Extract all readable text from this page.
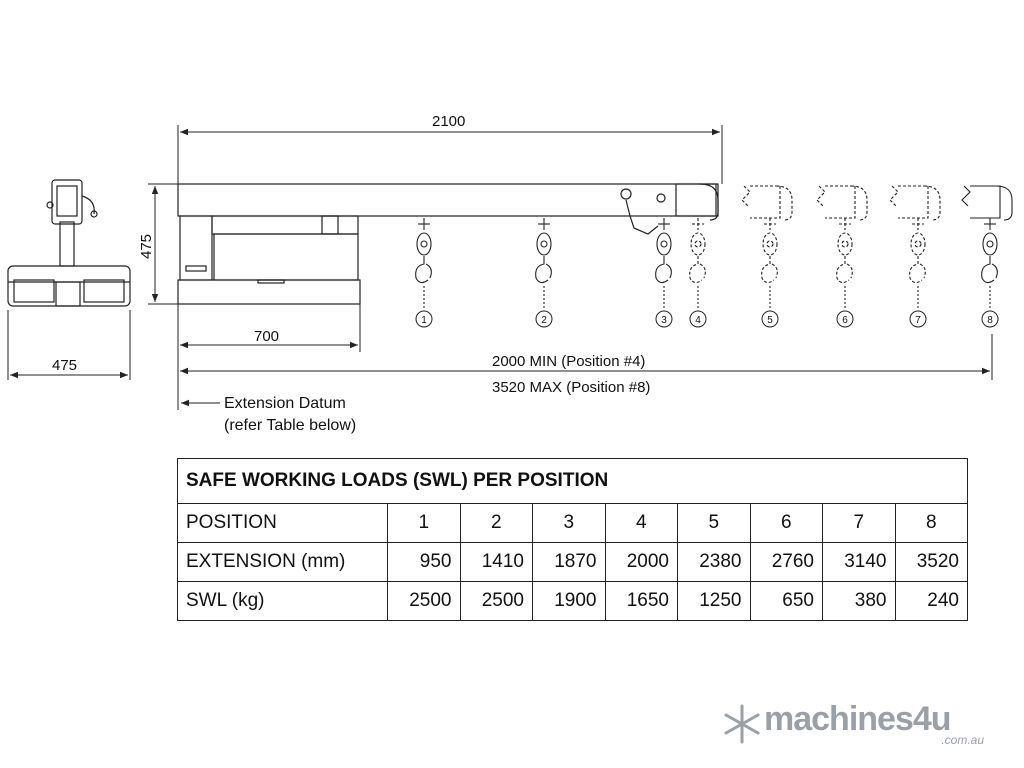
475
2100
475
700
2000 MIN (Position #4)
3520 MAX (Position #8)
Extension Datum
(refer Table below)
1	2	3	4	5	6	7	8
SAFE WORKING LOADS (SWL) PER POSITION								
POSITION	1	2	3	4	5	6	7	8
EXTENSION (mm)	950	1410	1870	2000	2380	2760	3140	3520
SWL (kg)	2500	2500	1900	1650	1250	650	380	240
machines4u
.com.au
